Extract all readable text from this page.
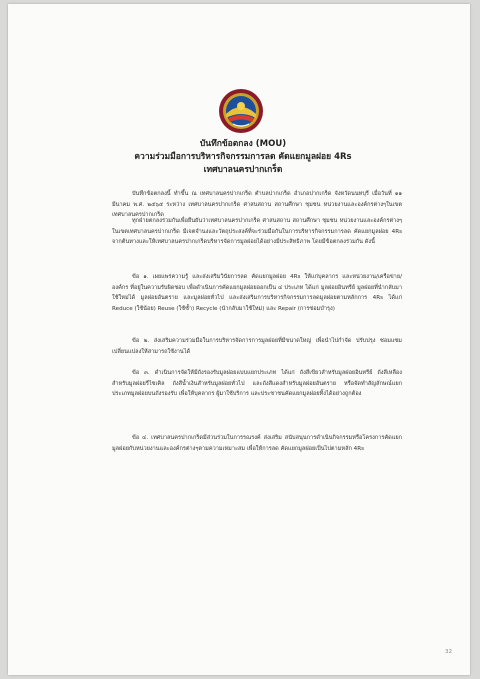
บันทึกข้อตกลง (MOU)
ความร่วมมือการบริหารกิจกรรมการลด คัดแยกมูลฝอย 4Rs
เทศบาลนครปากเกร็ด
บันทึกข้อตกลงนี้ ทำขึ้น ณ เทศบาลนครปากเกร็ด ตำบลปากเกร็ด อำเภอปากเกร็ด จังหวัดนนทบุรี เมื่อวันที่ ๑๑ มีนาคม พ.ศ. ๒๕๖๕ ระหว่าง เทศบาลนครปากเกร็ด ศาสนสถาน สถานศึกษา ชุมชน หน่วยงานและองค์กรต่างๆในเขตเทศบาลนครปากเกร็ด
ทุกฝ่ายตกลงร่วมกันเพื่อยืนยันว่าเทศบาลนครปากเกร็ด ศาสนสถาน สถานศึกษา ชุมชน หน่วยงานและองค์กรต่างๆในเขตเทศบาลนครปากเกร็ด มีเจตจำนงและวัตถุประสงค์ที่จะร่วมมือกันในการบริหารกิจกรรมการลด คัดแยกมูลฝอย 4Rs จากต้นทางและให้เทศบาลนครปากเกร็ดบริหารจัดการมูลฝอยได้อย่างมีประสิทธิภาพ โดยมีข้อตกลงร่วมกัน ดังนี้
ข้อ ๑. เผยแพร่ความรู้ และส่งเสริมวินัยการลด คัดแยกมูลฝอย 4Rs ให้แก่บุคลากร และหน่วยงาน/เครือข่าย/องค์กร ที่อยู่ในความรับผิดชอบ เพื่อดำเนินการคัดแยกมูลฝอยออกเป็น ๔ ประเภท ได้แก่ มูลฝอยอินทรีย์ มูลฝอยที่นำกลับมาใช้ใหม่ได้ มูลฝอยอันตราย และมูลฝอยทั่วไป และส่งเสริมการบริหารกิจกรรมการลดมูลฝอยตามหลักการ 4Rs ได้แก่ Reduce (ใช้น้อย) Reuse (ใช้ซ้ำ) Recycle (นำกลับมาใช้ใหม่) และ Repair (การซ่อมบำรุง)
ข้อ ๒. ส่งเสริมความร่วมมือในการบริหารจัดการการมูลฝอยที่มีขนาดใหญ่ เพื่อนำไปกำจัด ปรับปรุง ซ่อมแซมเปลี่ยนแปลงให้สามารถใช้งานได้
ข้อ ๓. ดำเนินการจัดให้มีถังรองรับมูลฝอยแบบแยกประเภท ได้แก่ ถังสีเขียวสำหรับมูลฝอยอินทรีย์ ถังสีเหลืองสำหรับมูลฝอยรีไซเคิล ถังสีน้ำเงินสำหรับมูลฝอยทั่วไป และถังสีแดงสำหรับมูลฝอยอันตราย หรือจัดทำสัญลักษณ์แยกประเภทมูลฝอยบนถังรองรับ เพื่อให้บุคลากร ผู้มาใช้บริการ และประชาชนคัดแยกมูลฝอยทิ้งได้อย่างถูกต้อง
ข้อ ๔. เทศบาลนครปากเกร็ดมีส่วนร่วมในการรณรงค์ ส่งเสริม สนับสนุนการดำเนินกิจกรรมหรือโครงการคัดแยกมูลฝอยกับหน่วยงานและองค์กรต่างๆตามความเหมาะสม เพื่อให้การลด คัดแยกมูลฝอยเป็นไปตามหลัก 4Rs
32
